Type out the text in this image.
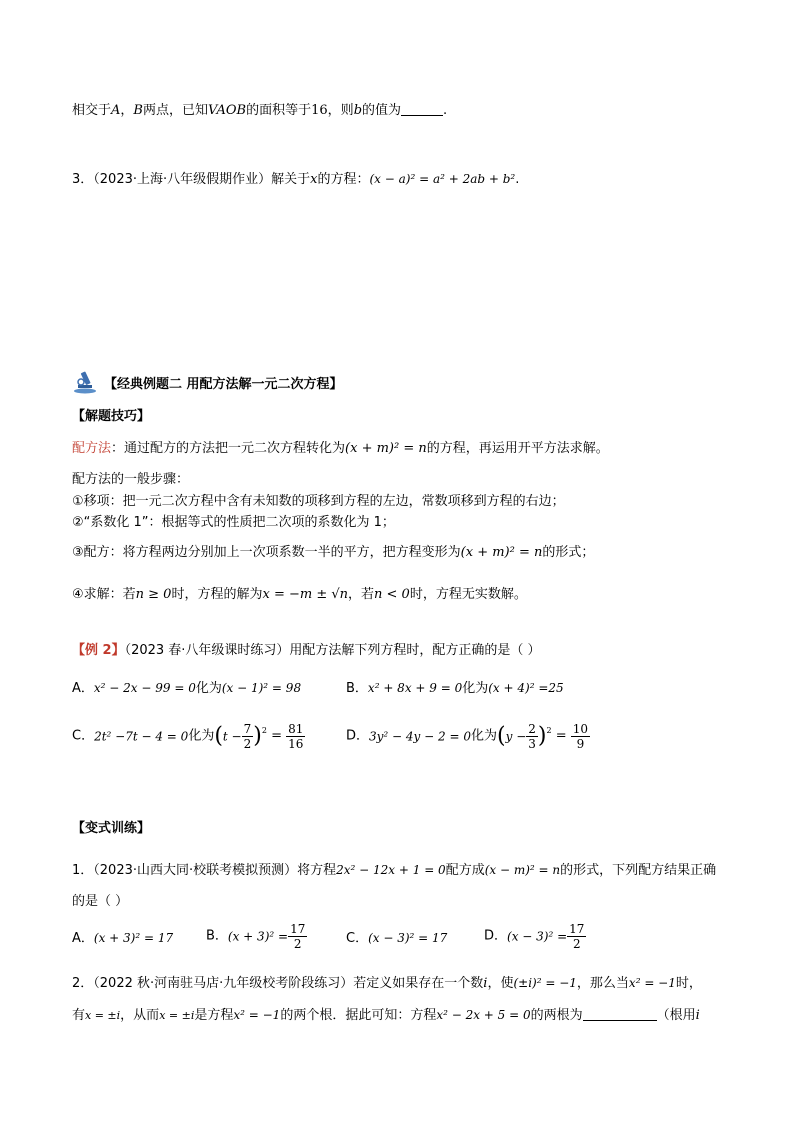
相交于A，B两点，已知VAOB的面积等于16，则b的值为	.
3．（2023·上海·八年级假期作业）解关于x的方程：(x − a)² = a² + 2ab + b².
【经典例题二 用配方法解一元二次方程】
【解题技巧】
配方法：通过配方的方法把一元二次方程转化为(x + m)² = n的方程，再运用开平方法求解。
配方法的一般步骤：
①移项：把一元二次方程中含有未知数的项移到方程的左边，常数项移到方程的右边；
②“系数化 1”：根据等式的性质把二次项的系数化为 1；
③配方：将方程两边分别加上一次项系数一半的平方，把方程变形为(x + m)² = n的形式；
④求解：若n ≥ 0时，方程的解为x = −m ± √n，若n < 0时，方程无实数解。
【例 2】（2023 春·八年级课时练习）用配方法解下列方程时，配方正确的是（ ）
A．x² − 2x − 99 = 0化为(x − 1)² = 98	B．x² + 8x + 9 = 0化为(x + 4)² =25
C．2t² −7t − 4 = 0化为$(t - \frac{7}{2} )^2 = \frac{81}{16}$	D．3y² − 4y − 2 = 0化为$(y - \frac{2}{3} )^2 = \frac{10}{9}$
【变式训练】
1．（2023·山西大同·校联考模拟预测）将方程2x² − 12x + 1 = 0配方成(x − m)² = n的形式，下列配方结果正确
的是（ ）
A．(x + 3)² = 17	B．$(x + 3)^2 = \frac{17}{2}$	C．(x − 3)² = 17	D．$(x - 3)^2 = \frac{17}{2}$
2．（2022 秋·河南驻马店·九年级校考阶段练习）若定义如果存在一个数i，使(±i)² = −1，那么当x² = −1时，
有x = ±i，从而x = ±i是方程x² = −1的两个根．据此可知：方程x² − 2x + 5 = 0的两根为	（根用i
